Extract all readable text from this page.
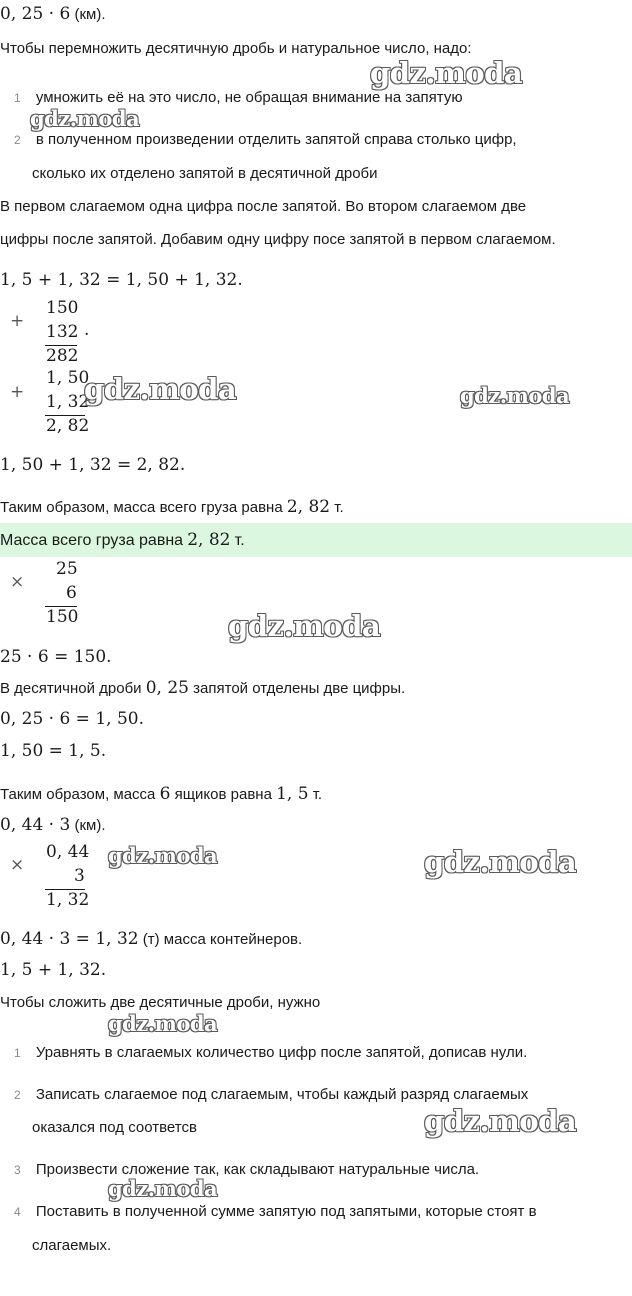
0, 25 · 6 (км).
Чтобы перемножить десятичную дробь и натуральное число, надо:
1 умножить её на это число, не обращая внимание на запятую
2 в полученном произведении отделить запятой справа столько цифр,
сколько их отделено запятой в десятичной дроби
В первом слагаемом одна цифра после запятой. Во втором слагаемом две
цифры после запятой. Добавим одну цифру посе запятой в первом слагаемом.
1, 5 + 1, 32 = 1, 50 + 1, 32.
+
150
132 .
282
+
1, 50
1, 32
2, 82
1, 50 + 1, 32 = 2, 82.
Таким образом, масса всего груза равна 2, 82 т.
Масса всего груза равна 2, 82 т.
×
25
6
150
25 · 6 = 150.
В десятичной дроби 0, 25 запятой отделены две цифры.
0, 25 · 6 = 1, 50.
1, 50 = 1, 5.
Таким образом, масса 6 ящиков равна 1, 5 т.
0, 44 · 3 (км).
×
0, 44
3
1, 32
0, 44 · 3 = 1, 32 (т) масса контейнеров.
1, 5 + 1, 32.
Чтобы сложить две десятичные дроби, нужно
1 Уравнять в слагаемых количество цифр после запятой, дописав нули.
2 Записать слагаемое под слагаемым, чтобы каждый разряд слагаемых
оказался под соответсв
3 Произвести сложение так, как складывают натуральные числа.
4 Поставить в полученной сумме запятую под запятыми, которые стоят в
слагаемых.
gdz.moda
gdz.moda
gdz.moda	gdz.moda
gdz.moda
gdz.moda	gdz.moda
gdz.moda
gdz.moda
gdz.moda
